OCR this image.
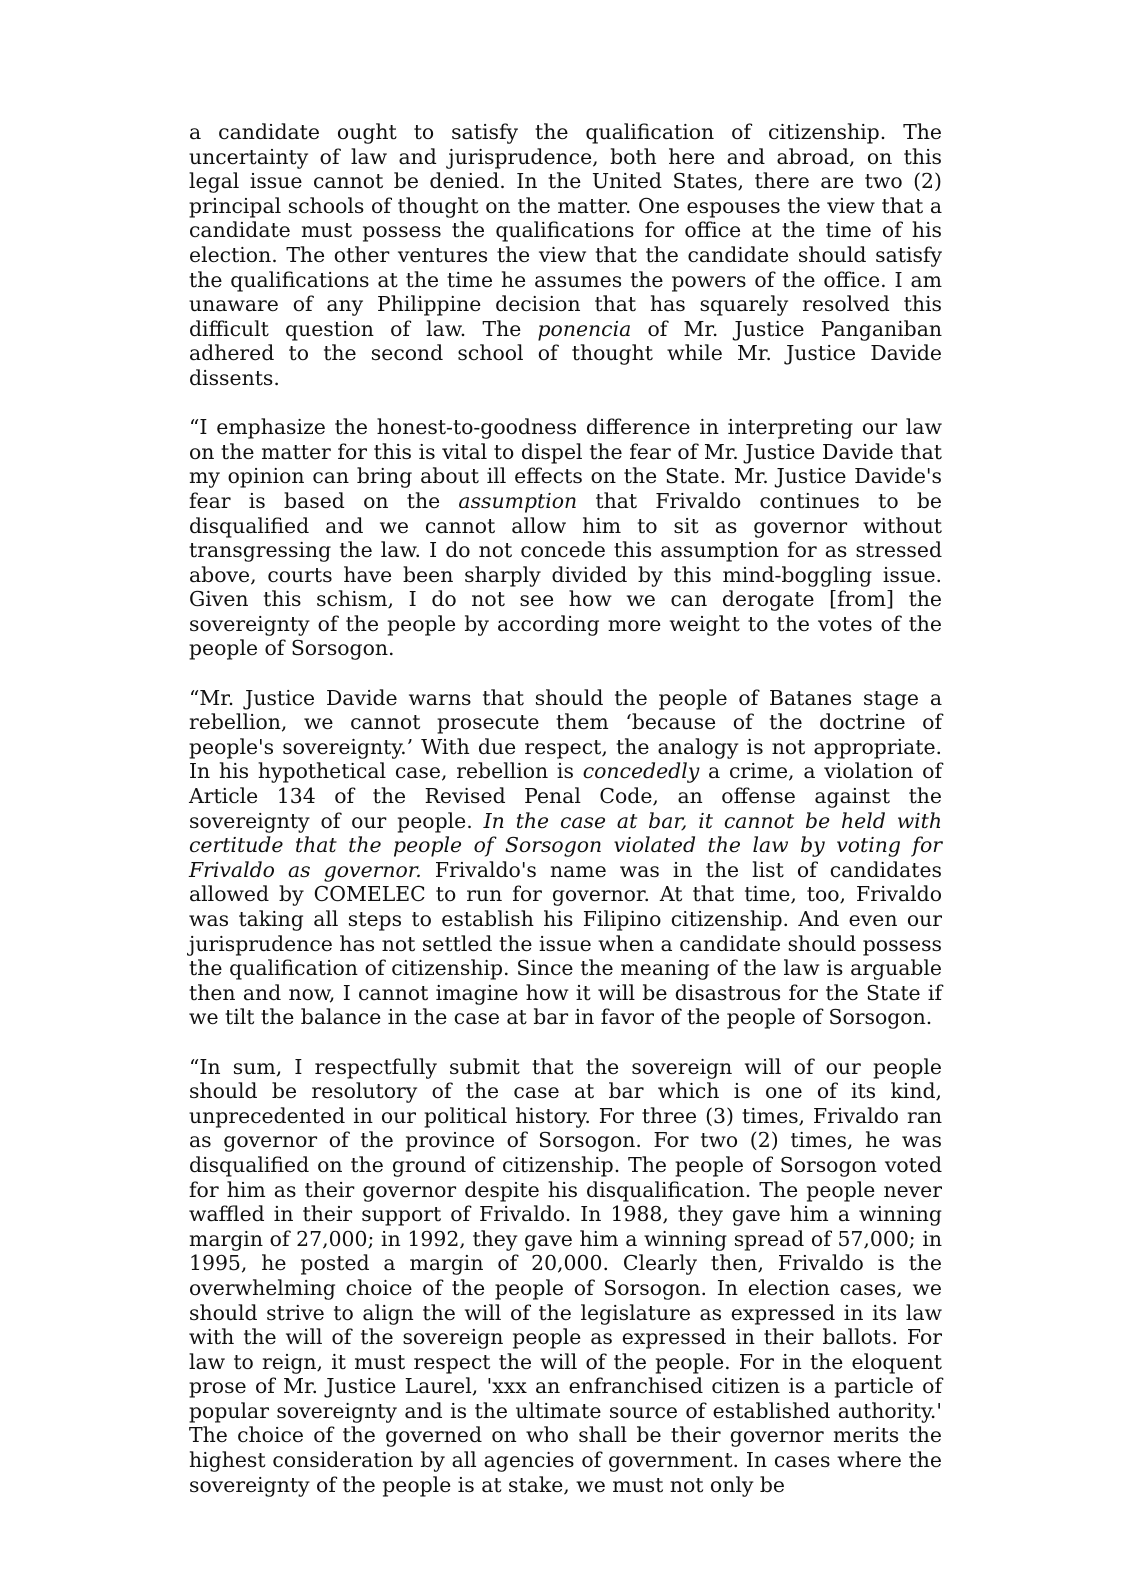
a candidate ought to satisfy the qualification of citizenship. The uncertainty of law and jurisprudence, both here and abroad, on this legal issue cannot be denied. In the United States, there are two (2) principal schools of thought on the matter. One espouses the view that a candidate must possess the qualifications for office at the time of his election. The other ventures the view that the candidate should satisfy the qualifications at the time he assumes the powers of the office. I am unaware of any Philippine decision that has squarely resolved this difficult question of law. The ponencia of Mr. Justice Panganiban adhered to the second school of thought while Mr. Justice Davide dissents.

“I emphasize the honest-to-goodness difference in interpreting our law on the matter for this is vital to dispel the fear of Mr. Justice Davide that my opinion can bring about ill effects on the State. Mr. Justice Davide's fear is based on the assumption that Frivaldo continues to be disqualified and we cannot allow him to sit as governor without transgressing the law. I do not concede this assumption for as stressed above, courts have been sharply divided by this mind-boggling issue. Given this schism, I do not see how we can derogate [from] the sovereignty of the people by according more weight to the votes of the people of Sorsogon.

“Mr. Justice Davide warns that should the people of Batanes stage a rebellion, we cannot prosecute them ‘because of the doctrine of people's sovereignty.’ With due respect, the analogy is not appropriate. In his hypothetical case, rebellion is concededly a crime, a violation of Article 134 of the Revised Penal Code, an offense against the sovereignty of our people. In the case at bar, it cannot be held with certitude that the people of Sorsogon violated the law by voting for Frivaldo as governor. Frivaldo's name was in the list of candidates allowed by COMELEC to run for governor. At that time, too, Frivaldo was taking all steps to establish his Filipino citizenship. And even our jurisprudence has not settled the issue when a candidate should possess the qualification of citizenship. Since the meaning of the law is arguable then and now, I cannot imagine how it will be disastrous for the State if we tilt the balance in the case at bar in favor of the people of Sorsogon.

“In sum, I respectfully submit that the sovereign will of our people should be resolutory of the case at bar which is one of its kind, unprecedented in our political history. For three (3) times, Frivaldo ran as governor of the province of Sorsogon. For two (2) times, he was disqualified on the ground of citizenship. The people of Sorsogon voted for him as their governor despite his disqualification. The people never waffled in their support of Frivaldo. In 1988, they gave him a winning margin of 27,000; in 1992, they gave him a winning spread of 57,000; in 1995, he posted a margin of 20,000. Clearly then, Frivaldo is the overwhelming choice of the people of Sorsogon. In election cases, we should strive to align the will of the legislature as expressed in its law with the will of the sovereign people as expressed in their ballots. For law to reign, it must respect the will of the people. For in the eloquent prose of Mr. Justice Laurel, 'xxx an enfranchised citizen is a particle of popular sovereignty and is the ultimate source of established authority.' The choice of the governed on who shall be their governor merits the highest consideration by all agencies of government. In cases where the sovereignty of the people is at stake, we must not only be
